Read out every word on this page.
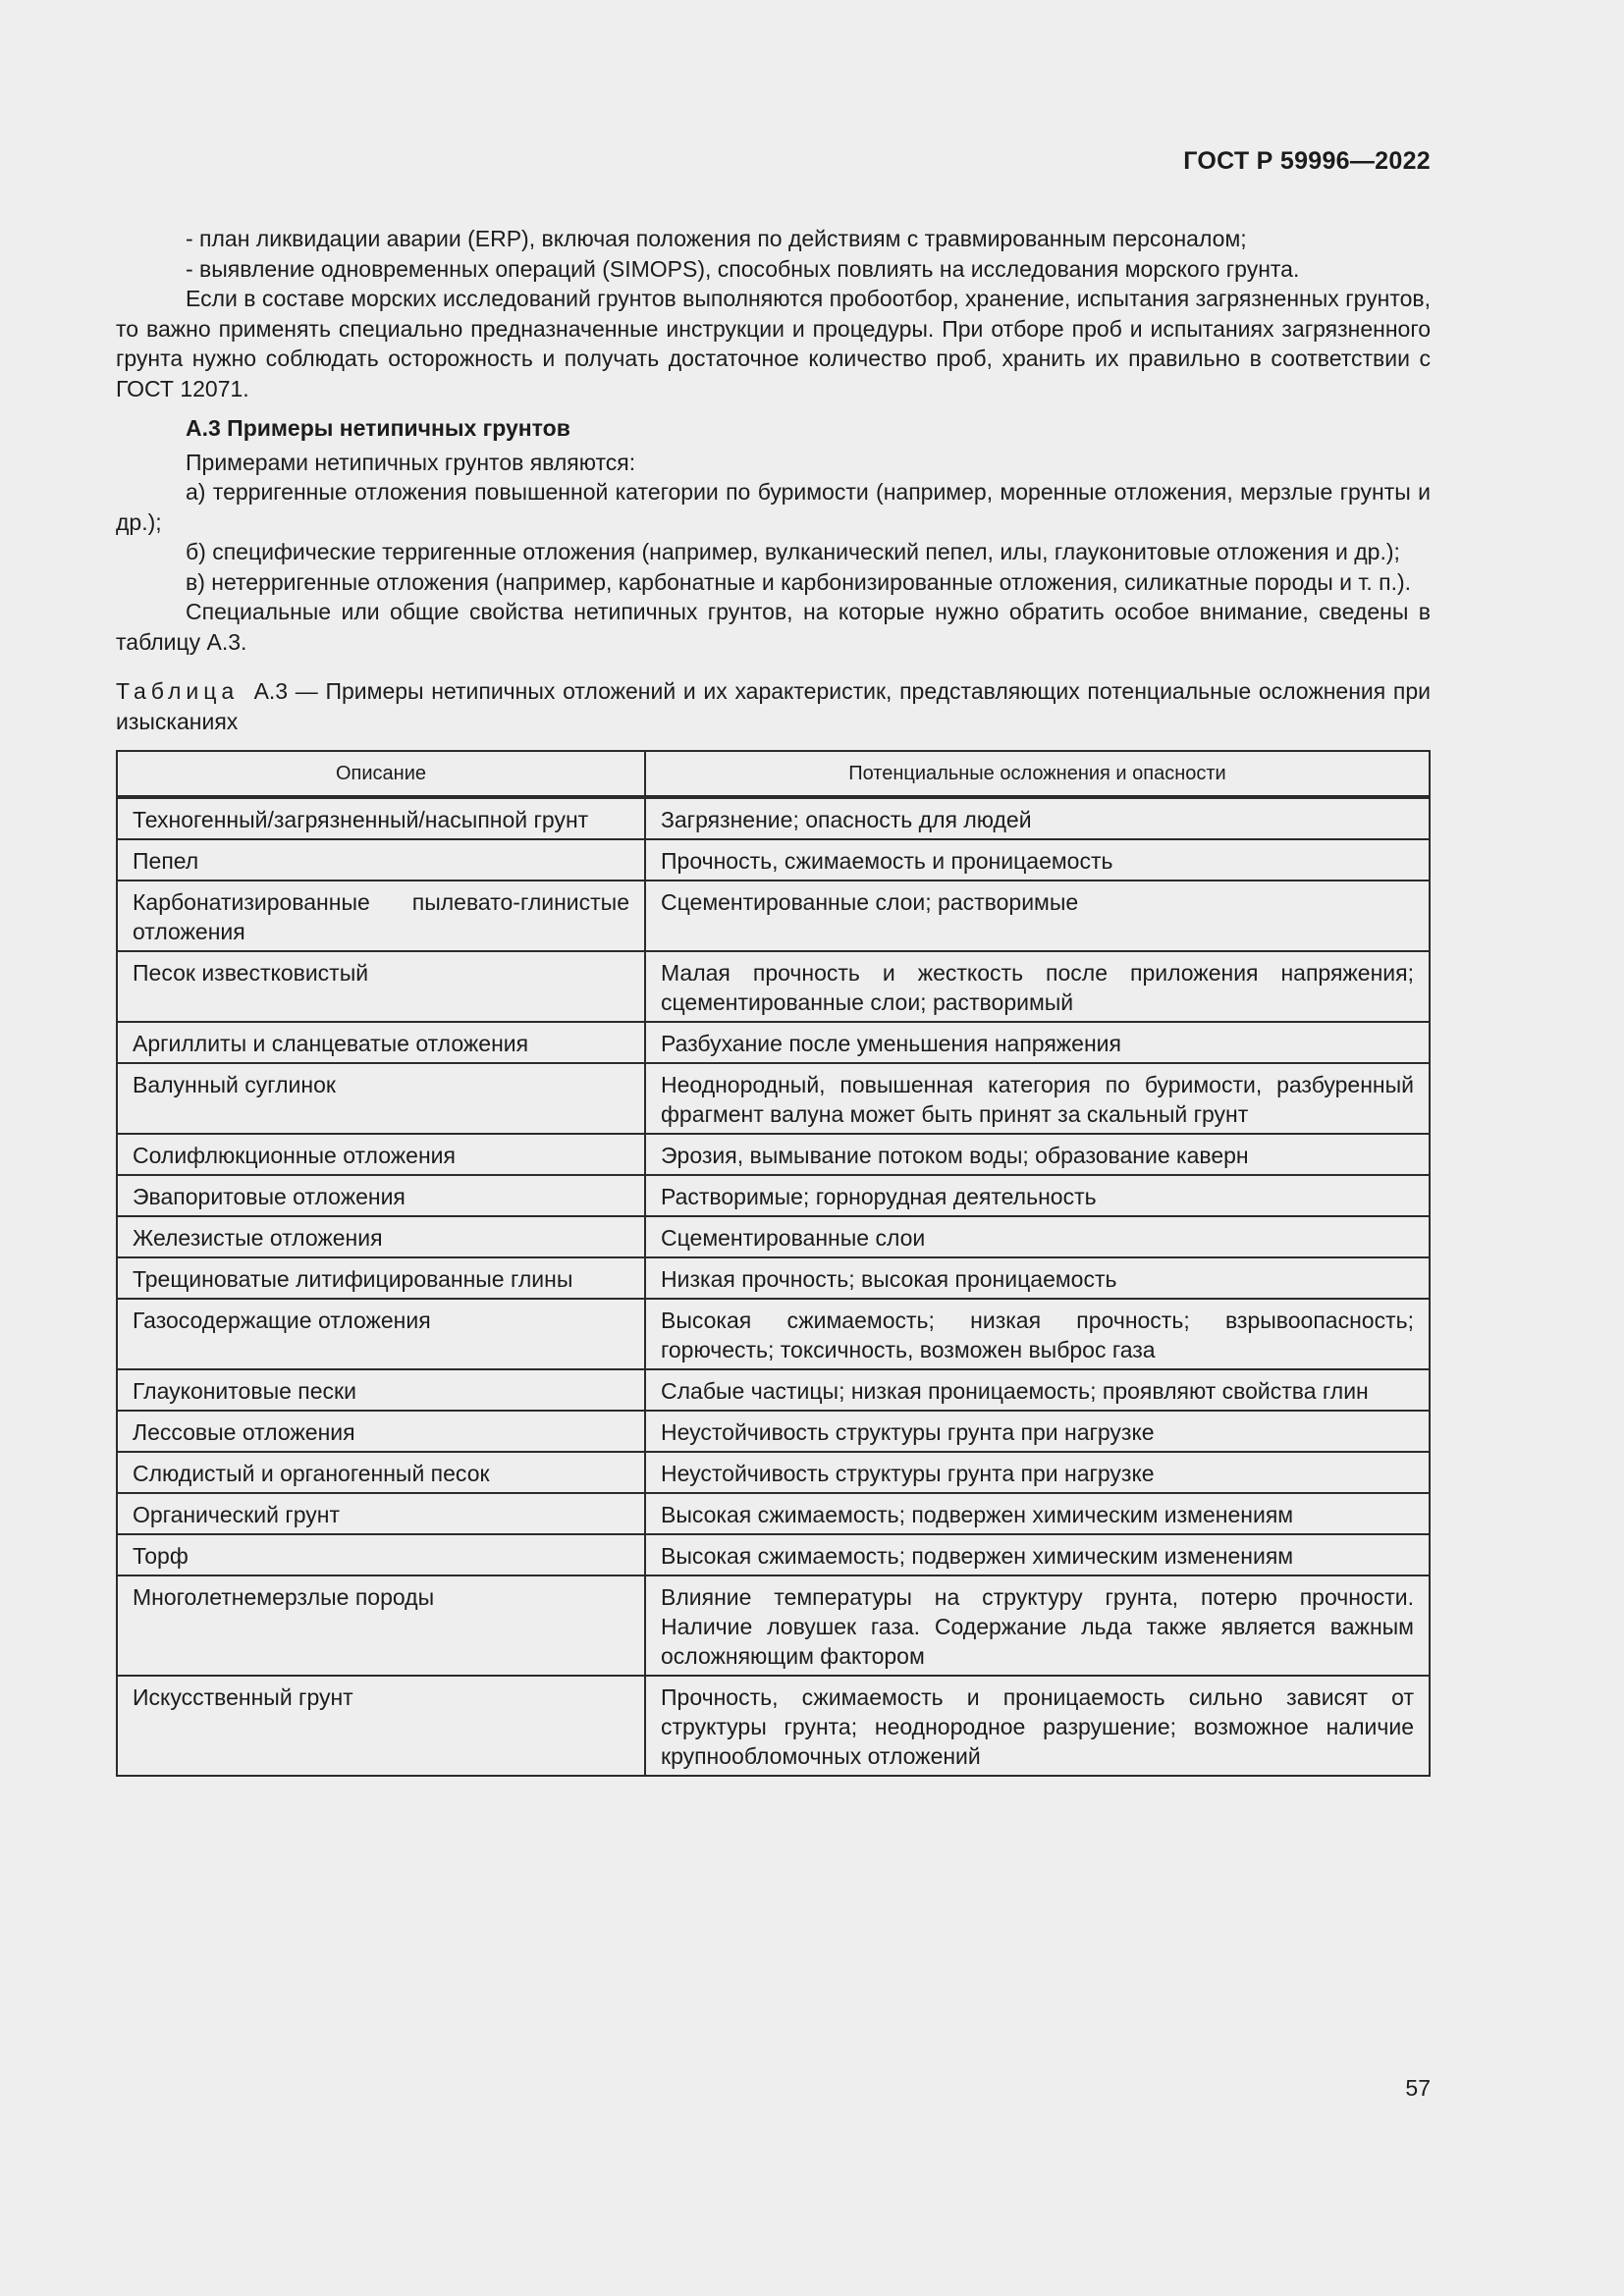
ГОСТ Р 59996—2022

- план ликвидации аварии (ERP), включая положения по действиям с травмированным персоналом;

- выявление одновременных операций (SIMOPS), способных повлиять на исследования морского грунта.

Если в составе морских исследований грунтов выполняются пробоотбор, хранение, испытания загрязненных грунтов, то важно применять специально предназначенные инструкции и процедуры. При отборе проб и испытаниях загрязненного грунта нужно соблюдать осторожность и получать достаточное количество проб, хранить их правильно в соответствии с ГОСТ 12071.

А.3 Примеры нетипичных грунтов

Примерами нетипичных грунтов являются:

а) терригенные отложения повышенной категории по буримости (например, моренные отложения, мерзлые грунты и др.);

б) специфические терригенные отложения (например, вулканический пепел, илы, глауконитовые отложения и др.);

в) нетерригенные отложения (например, карбонатные и карбонизированные отложения, силикатные породы и т. п.).

Специальные или общие свойства нетипичных грунтов, на которые нужно обратить особое внимание, сведены в таблицу А.3.

Таблица А.3 — Примеры нетипичных отложений и их характеристик, представляющих потенциальные осложнения при изысканиях

Описание	Потенциальные осложнения и опасности
Техногенный/загрязненный/насыпной грунт	Загрязнение; опасность для людей
Пепел	Прочность, сжимаемость и проницаемость
Карбонатизированные пылевато-глинистые отложения	Сцементированные слои; растворимые
Песок известковистый	Малая прочность и жесткость после приложения напряжения; сцементированные слои; растворимый
Аргиллиты и сланцеватые отложения	Разбухание после уменьшения напряжения
Валунный суглинок	Неоднородный, повышенная категория по буримости, разбуренный фрагмент валуна может быть принят за скальный грунт
Солифлюкционные отложения	Эрозия, вымывание потоком воды; образование каверн
Эвапоритовые отложения	Растворимые; горнорудная деятельность
Железистые отложения	Сцементированные слои
Трещиноватые литифицированные глины	Низкая прочность; высокая проницаемость
Газосодержащие отложения	Высокая сжимаемость; низкая прочность; взрывоопасность; горючесть; токсичность, возможен выброс газа
Глауконитовые пески	Слабые частицы; низкая проницаемость; проявляют свойства глин
Лессовые отложения	Неустойчивость структуры грунта при нагрузке
Слюдистый и органогенный песок	Неустойчивость структуры грунта при нагрузке
Органический грунт	Высокая сжимаемость; подвержен химическим изменениям
Торф	Высокая сжимаемость; подвержен химическим изменениям
Многолетнемерзлые породы	Влияние температуры на структуру грунта, потерю прочности. Наличие ловушек газа. Содержание льда также является важным осложняющим фактором
Искусственный грунт	Прочность, сжимаемость и проницаемость сильно зависят от структуры грунта; неоднородное разрушение; возможное наличие крупнообломочных отложений
57
